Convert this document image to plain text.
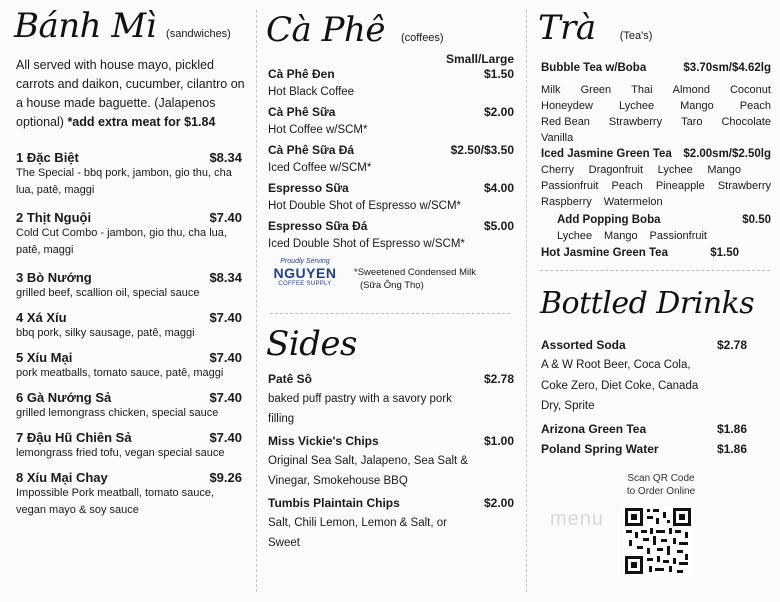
Bánh Mì (sandwiches)
All served with house mayo, pickled carrots and daikon, cucumber, cilantro on a house made baguette. (Jalapenos optional) *add extra meat for $1.84
1 Đặc Biệt	$8.34
The Special - bbq pork, jambon, gio thu, cha lua, patê, maggi
2 Thịt Nguội	$7.40
Cold Cut Combo - jambon, gio thu, cha lua, patê, maggi
3 Bò Nướng	$8.34
grilled beef, scallion oil, special sauce
4 Xá Xíu	$7.40
bbq pork, silky sausage, patê, maggi
5 Xíu Mại	$7.40
pork meatballs, tomato sauce, patê, maggi
6 Gà Nướng Sả	$7.40
grilled lemongrass chicken, special sauce
7 Đậu Hũ Chiên Sả	$7.40
lemongrass fried tofu, vegan special sauce
8 Xíu Mại Chay	$9.26
Impossible Pork meatball, tomato sauce, vegan mayo & soy sauce
Cà Phê (coffees)
Small/Large
Cà Phê Đen	$1.50
Hot Black Coffee
Cà Phê Sữa	$2.00
Hot Coffee w/SCM*
Cà Phê Sữa Đá	$2.50/$3.50
Iced Coffee w/SCM*
Espresso Sữa	$4.00
Hot Double Shot of Espresso w/SCM*
Espresso Sữa Đá	$5.00
Iced Double Shot of Espresso w/SCM*
Proudly Serving
NGUYEN
COFFEE SUPPLY
*Sweetened Condensed Milk
(Sữa Ông Thọ)
Sides
Patê Sô	$2.78
baked puff pastry with a savory pork filling
Miss Vickie's Chips	$1.00
Original Sea Salt, Jalapeno, Sea Salt & Vinegar, Smokehouse BBQ
Tumbis Plaintain Chips	$2.00
Salt, Chili Lemon, Lemon & Salt, or Sweet
Trà (Tea's)
Bubble Tea w/Boba	$3.70sm/$4.62lg
Milk Green Thai Almond Coconut
Honeydew Lychee Mango Peach
Red Bean Strawberry Taro Chocolate
Vanilla
Iced Jasmine Green Tea $2.00sm/$2.50lg
Cherry Dragonfruit Lychee Mango
Passionfruit Peach Pineapple Strawberry
Raspberry Watermelon
Add Popping Boba	$0.50
Lychee Mango Passionfruit
Hot Jasmine Green Tea	$1.50
Bottled Drinks
Assorted Soda	$2.78
A & W Root Beer, Coca Cola,
Coke Zero, Diet Coke, Canada
Dry, Sprite
Arizona Green Tea	$1.86
Poland Spring Water	$1.86
Scan QR Code
to Order Online
menu
